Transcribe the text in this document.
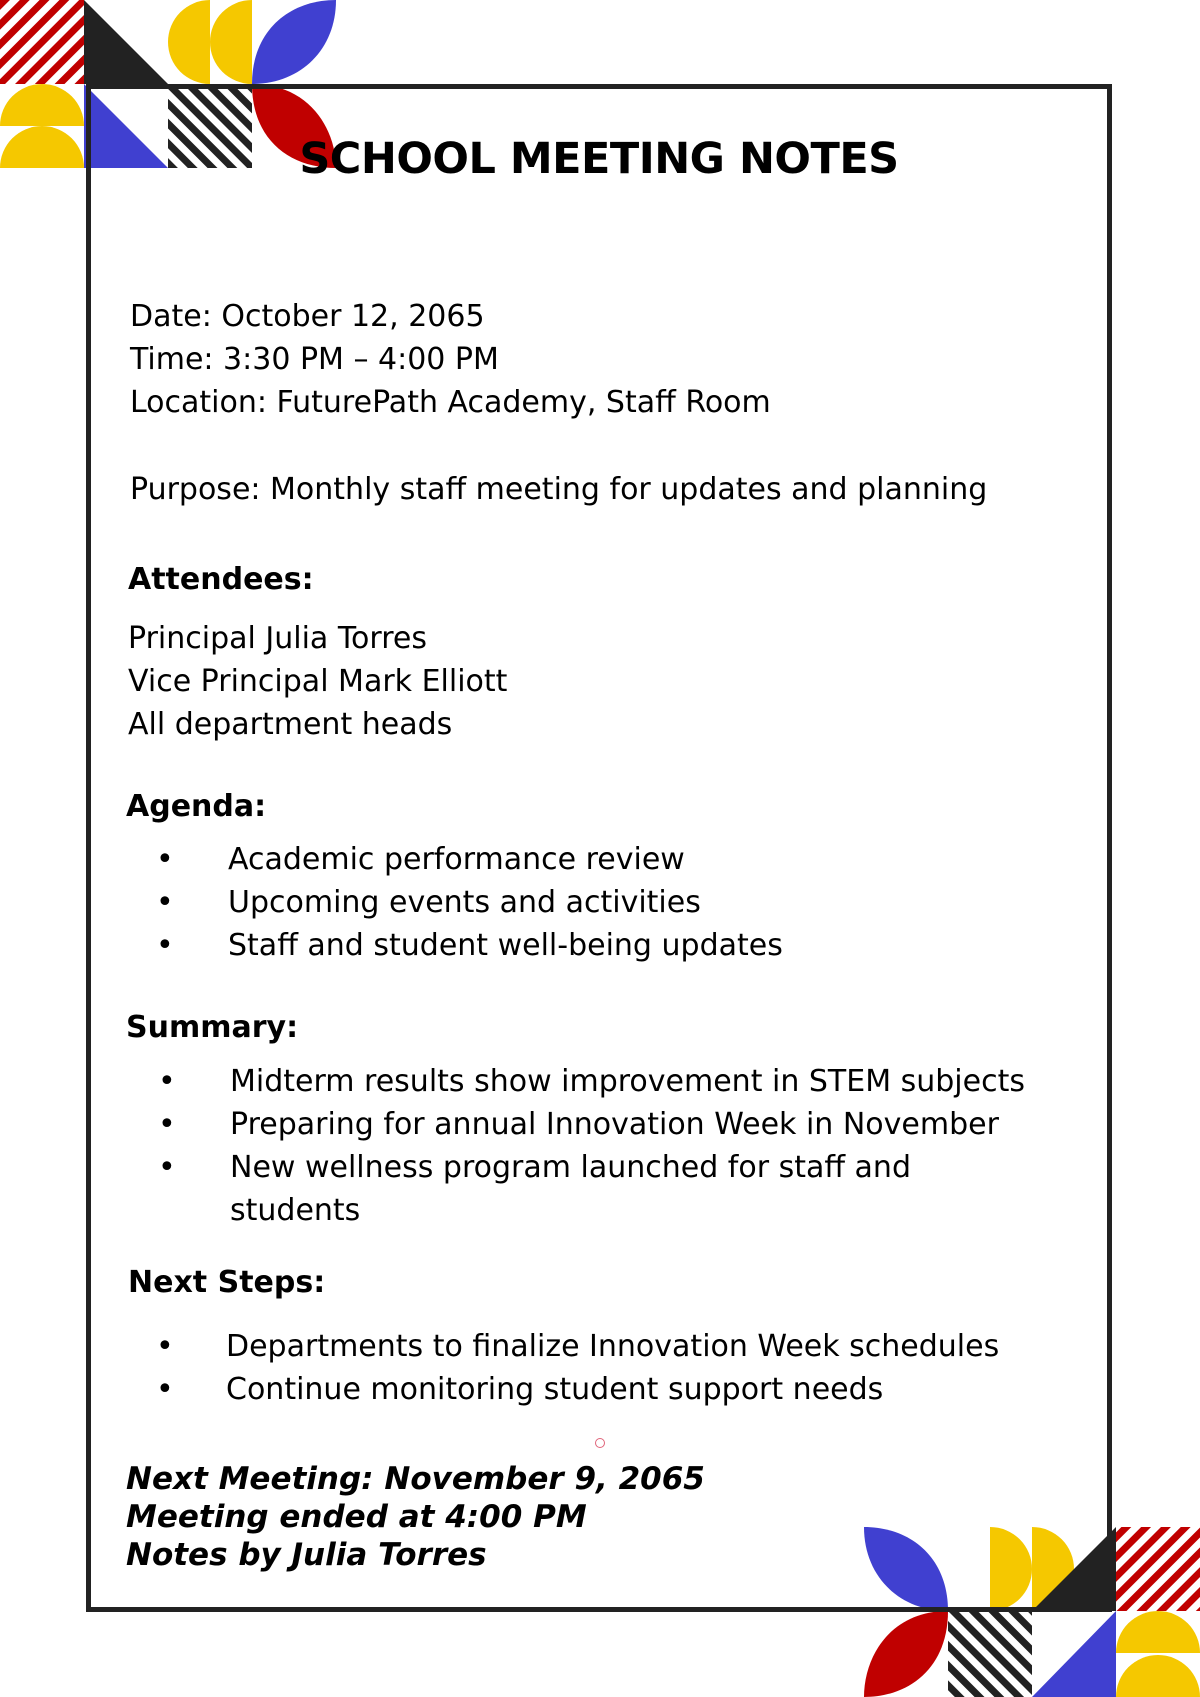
SCHOOL MEETING NOTES
Date: October 12, 2065
Time: 3:30 PM – 4:00 PM
Location: FuturePath Academy, Staff Room
Purpose: Monthly staff meeting for updates and planning
Attendees:
Principal Julia Torres
Vice Principal Mark Elliott
All department heads
Agenda:
• Academic performance review
• Upcoming events and activities
• Staff and student well-being updates
Summary:
• Midterm results show improvement in STEM subjects
• Preparing for annual Innovation Week in November
• New wellness program launched for staff and
students
Next Steps:
• Departments to finalize Innovation Week schedules
• Continue monitoring student support needs
Next Meeting: November 9, 2065
Meeting ended at 4:00 PM
Notes by Julia Torres
